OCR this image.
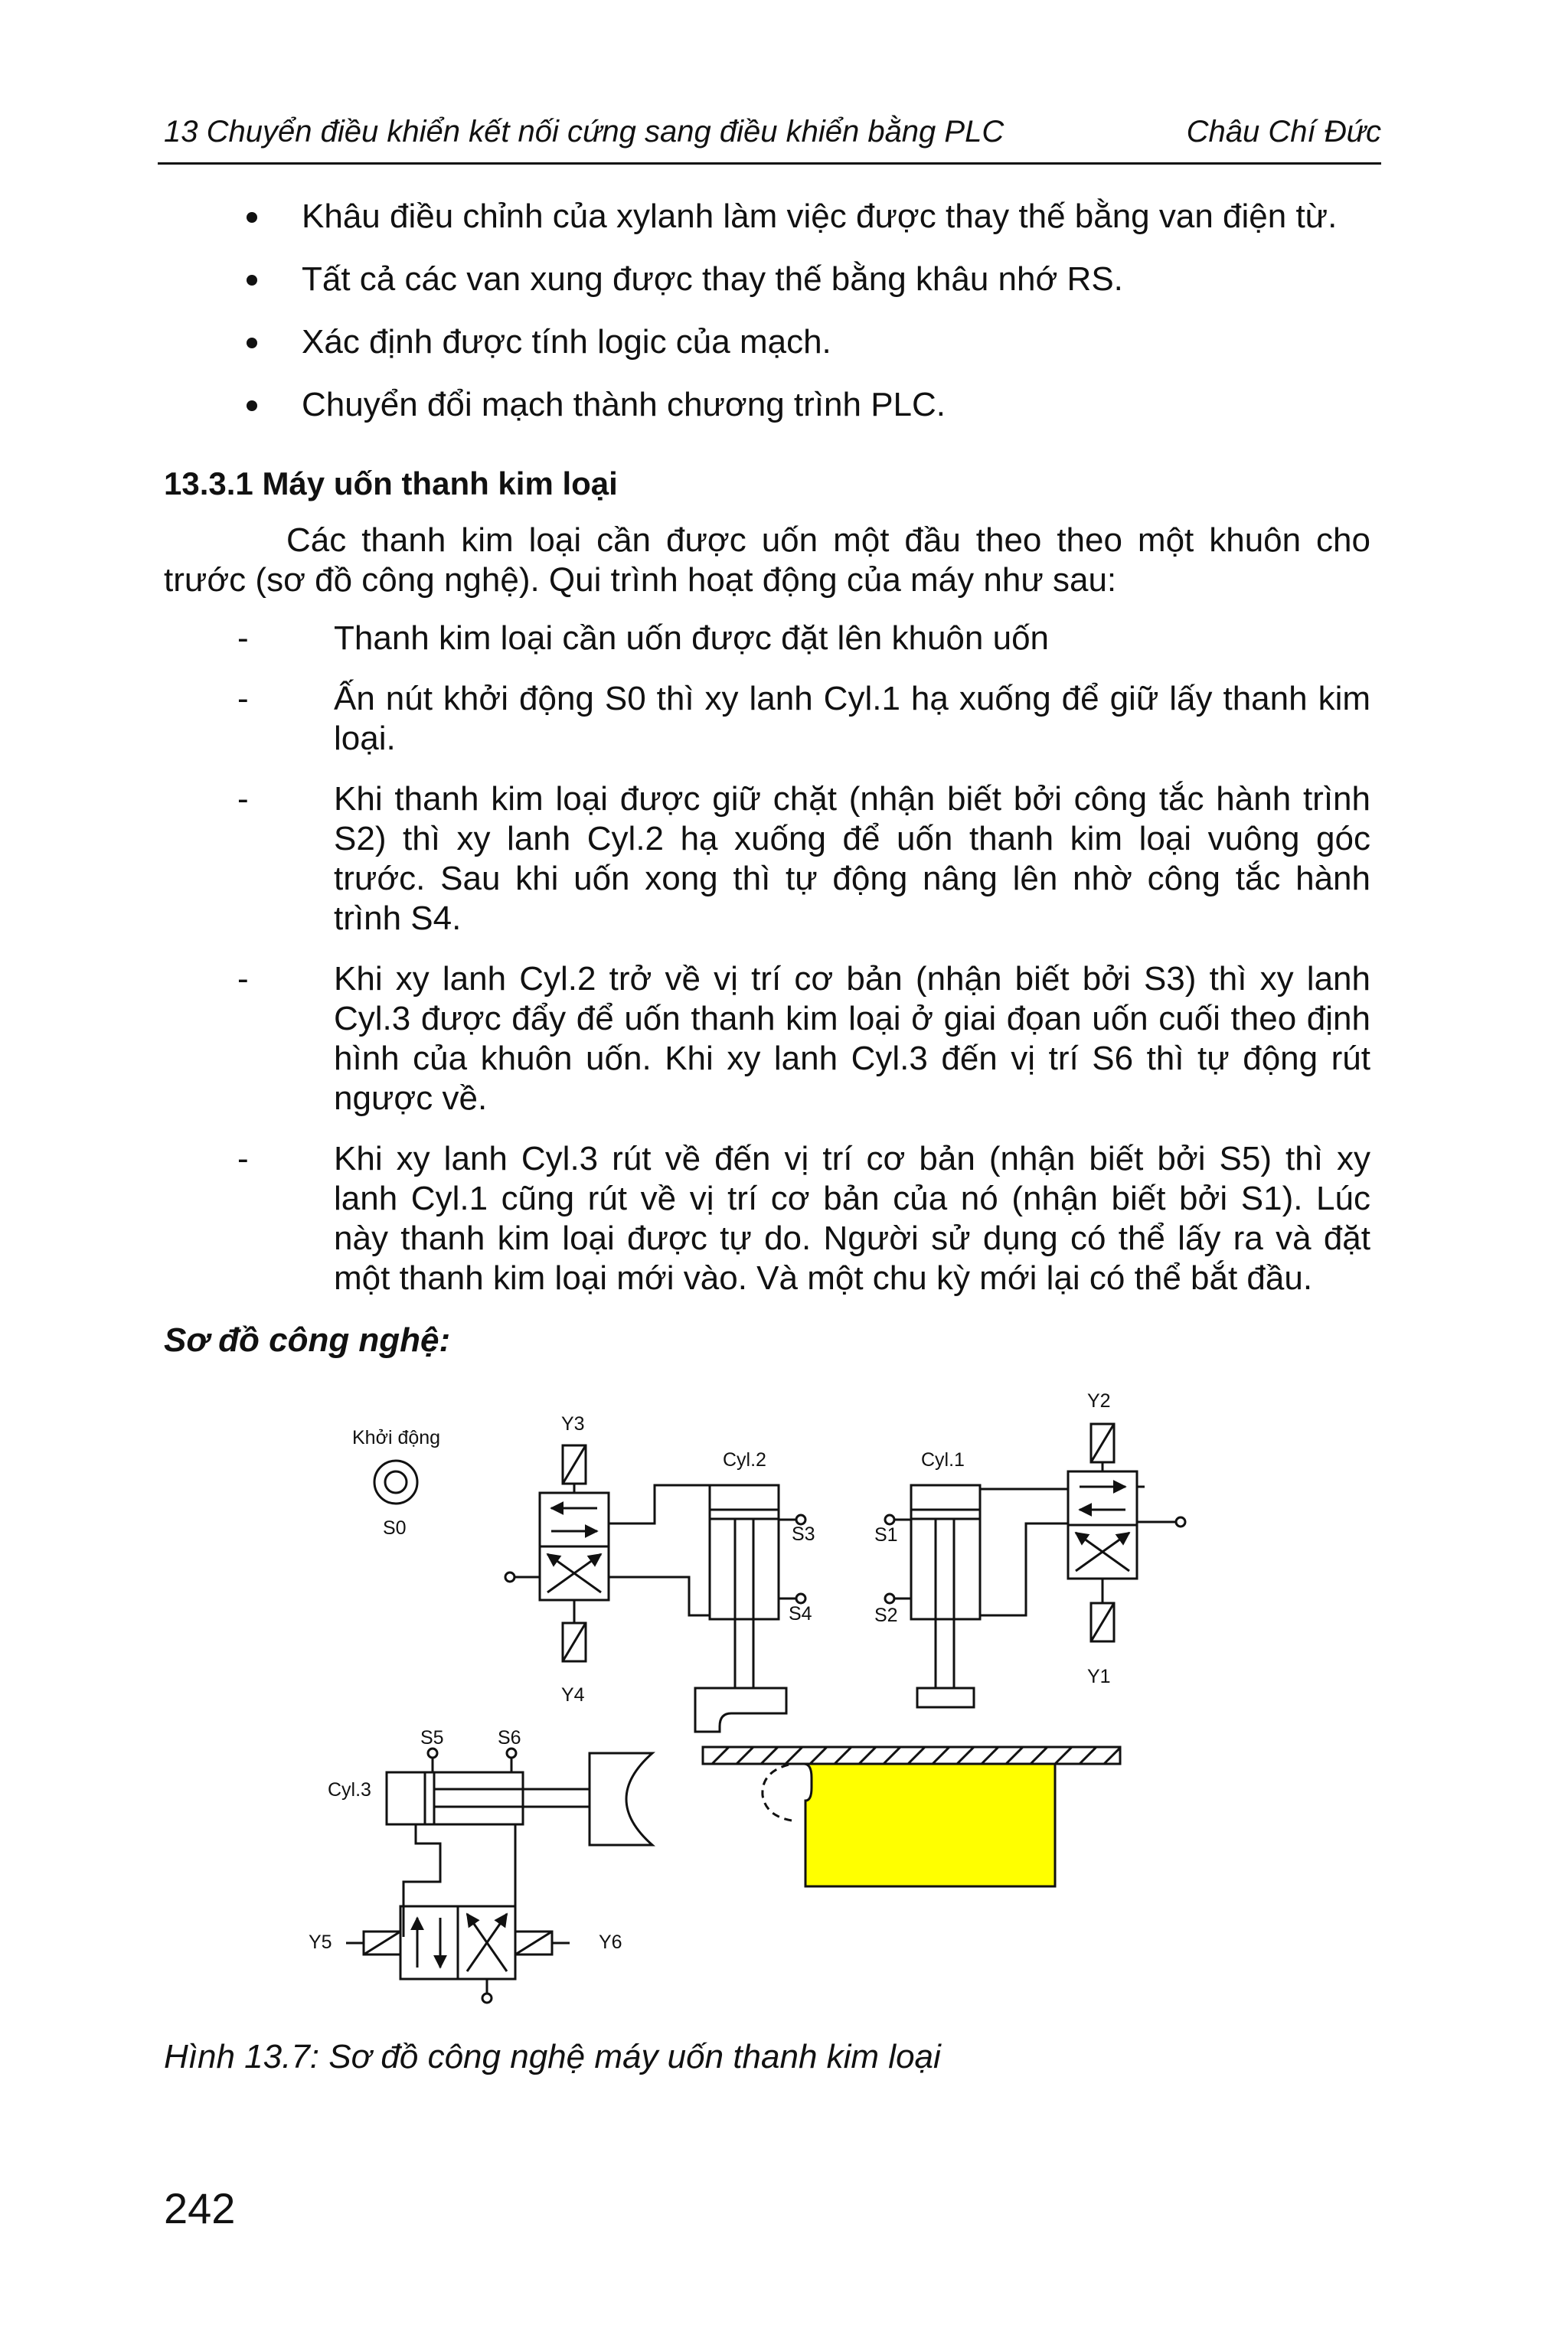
13 Chuyển điều khiển kết nối cứng sang điều khiển bằng PLC	Châu Chí Đức
Khâu điều chỉnh của xylanh làm việc được thay thế bằng van điện từ.
Tất cả các van xung được thay thế bằng khâu nhớ RS.
Xác định được tính logic của mạch.
Chuyển đổi mạch thành chương trình PLC.
13.3.1 Máy uốn thanh kim loại
Các thanh kim loại cần được uốn một đầu theo theo một khuôn cho trước (sơ đồ công nghệ). Qui trình hoạt động của máy như sau:
-	Thanh kim loại cần uốn được đặt lên khuôn uốn
-	Ấn nút khởi động S0 thì xy lanh Cyl.1 hạ xuống để giữ lấy thanh kim loại.
-	Khi thanh kim loại được giữ chặt (nhận biết bởi công tắc hành trình S2) thì xy lanh Cyl.2 hạ xuống để uốn thanh kim loại vuông góc trước. Sau khi uốn xong thì tự động nâng lên nhờ công tắc hành trình S4.
-	Khi xy lanh Cyl.2 trở về vị trí cơ bản (nhận biết bởi S3) thì xy lanh Cyl.3 được đẩy để uốn thanh kim loại ở giai đọan uốn cuối theo định hình của khuôn uốn. Khi xy lanh Cyl.3 đến vị trí S6 thì tự động rút ngược về.
-	Khi xy lanh Cyl.3 rút về đến vị trí cơ bản (nhận biết bởi S5) thì xy lanh Cyl.1 cũng rút về vị trí cơ bản của nó (nhận biết bởi S1). Lúc này thanh kim loại được tự do. Người sử dụng có thể lấy ra và đặt một thanh kim loại mới vào. Và một chu kỳ mới lại có thể bắt đầu.
Sơ đồ công nghệ:
Khởi động
S0
Y3
Y4
Cyl.2
S3
S4
Cyl.1
S1
S2
Y2
Y1
S5	S6
Cyl.3
Y5	Y6
Hình 13.7: Sơ đồ công nghệ máy uốn thanh kim loại
242
